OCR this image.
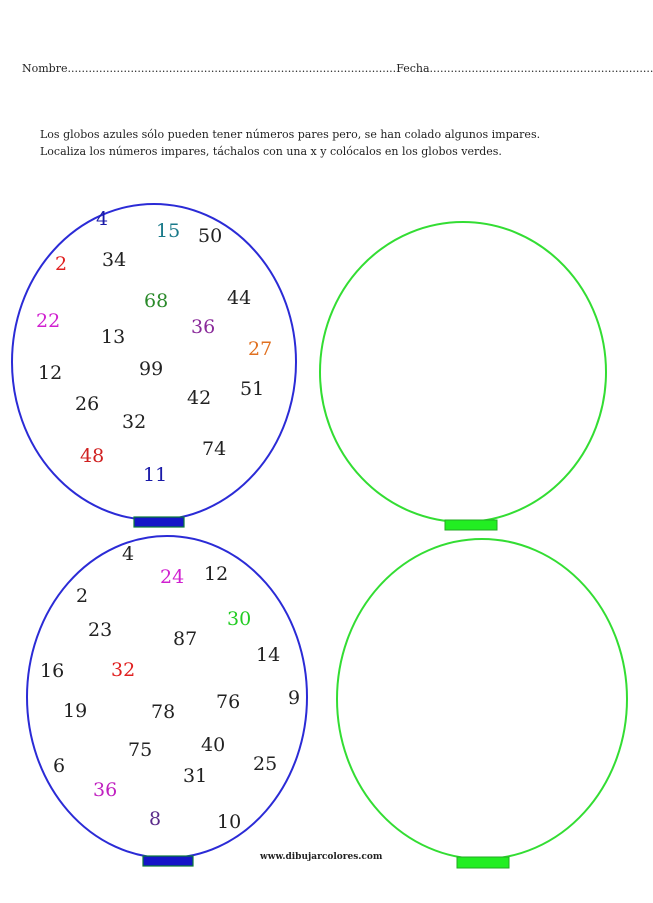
Nombre..............................................................................................Fecha................................................................
Los globos azules sólo pueden tener números pares pero, se han colado algunos impares.
Localiza los números impares, táchalos con una x y colócalos en los globos verdes.
4
15 50
2 34
68	44
22
13	36
27
12	99
26	42 51
32
74
48
11
4
24 12
2
30
23	87
14
16 32
9
19	78 76
75	40
6	25
31
36
8	10
www.dibujarcolores.com
